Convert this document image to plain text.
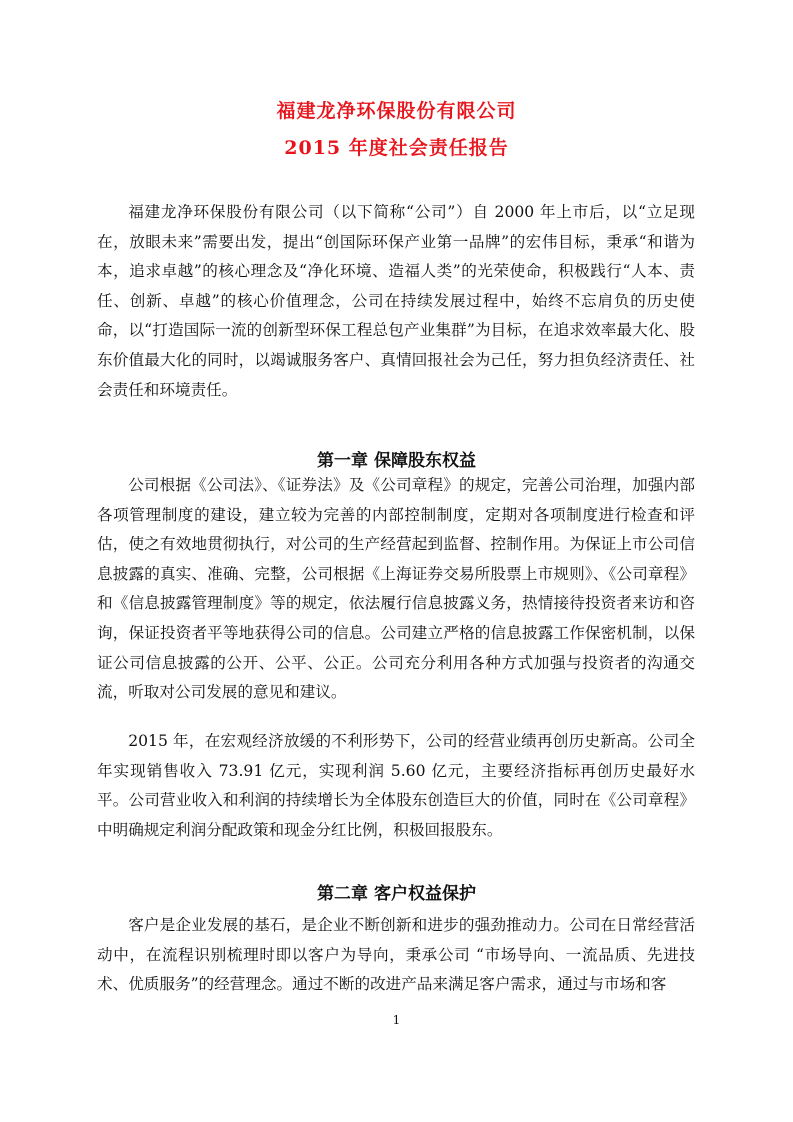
福建龙净环保股份有限公司
2015 年度社会责任报告

福建龙净环保股份有限公司（以下简称“公司”）自 2000 年上市后，以“立足现在，放眼未来”需要出发，提出“创国际环保产业第一品牌”的宏伟目标，秉承“和谐为本，追求卓越”的核心理念及“净化环境、造福人类”的光荣使命，积极践行“人本、责任、创新、卓越”的核心价值理念，公司在持续发展过程中，始终不忘肩负的历史使命，以“打造国际一流的创新型环保工程总包产业集群”为目标，在追求效率最大化、股东价值最大化的同时，以竭诚服务客户、真情回报社会为己任，努力担负经济责任、社会责任和环境责任。

第一章 保障股东权益

公司根据《公司法》、《证券法》及《公司章程》的规定，完善公司治理，加强内部各项管理制度的建设，建立较为完善的内部控制制度，定期对各项制度进行检查和评估，使之有效地贯彻执行，对公司的生产经营起到监督、控制作用。为保证上市公司信息披露的真实、准确、完整，公司根据《上海证券交易所股票上市规则》、《公司章程》和《信息披露管理制度》等的规定，依法履行信息披露义务，热情接待投资者来访和咨询，保证投资者平等地获得公司的信息。公司建立严格的信息披露工作保密机制，以保证公司信息披露的公开、公平、公正。公司充分利用各种方式加强与投资者的沟通交流，听取对公司发展的意见和建议。

2015 年，在宏观经济放缓的不利形势下，公司的经营业绩再创历史新高。公司全年实现销售收入 73.91 亿元，实现利润 5.60 亿元，主要经济指标再创历史最好水平。公司营业收入和利润的持续增长为全体股东创造巨大的价值，同时在《公司章程》中明确规定利润分配政策和现金分红比例，积极回报股东。

第二章 客户权益保护

客户是企业发展的基石，是企业不断创新和进步的强劲推动力。公司在日常经营活动中，在流程识别梳理时即以客户为导向，秉承公司 “市场导向、一流品质、先进技术、优质服务”的经营理念。通过不断的改进产品来满足客户需求，通过与市场和客

1
